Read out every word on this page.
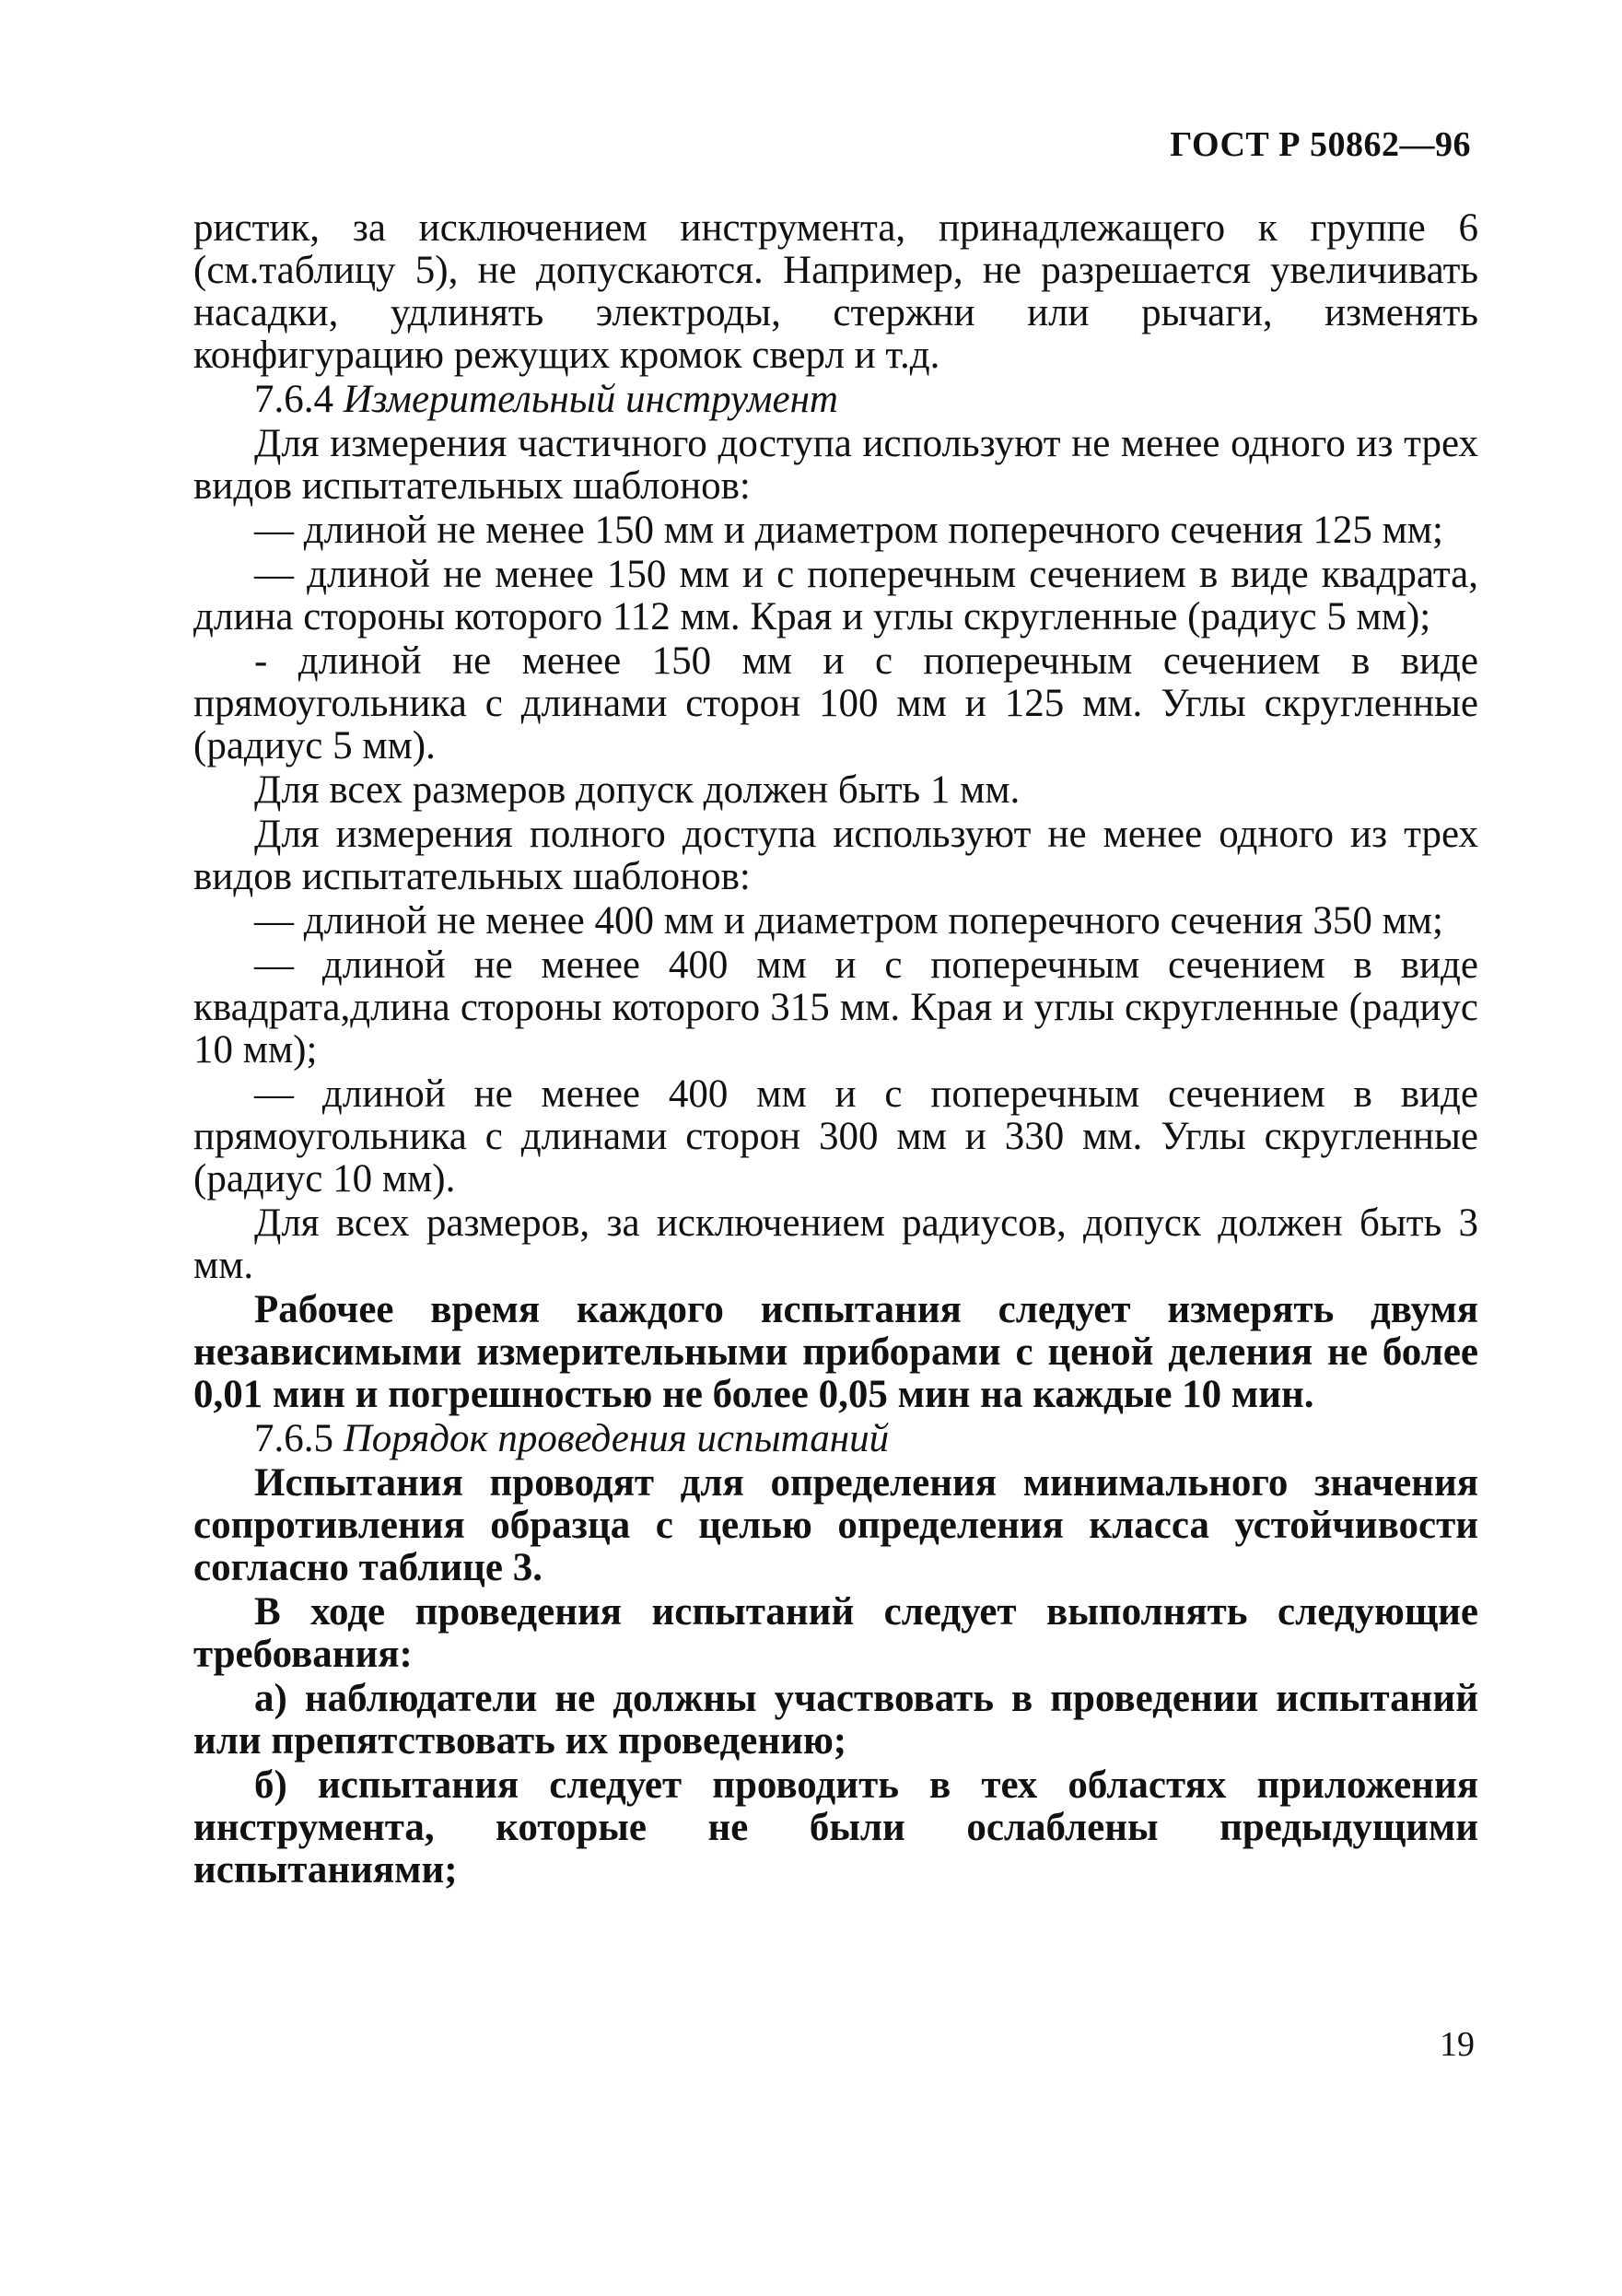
ГОСТ Р 50862—96

ристик, за исключением инструмента, принадлежащего к группе 6 (см.таблицу 5), не допускаются. Например, не разрешается увеличивать насадки, удлинять электроды, стержни или рычаги, изменять конфигурацию режущих кромок сверл и т.д.

7.6.4 Измерительный инструмент

Для измерения частичного доступа используют не менее одного из трех видов испытательных шаблонов:

— длиной не менее 150 мм и диаметром поперечного сечения 125 мм;

— длиной не менее 150 мм и с поперечным сечением в виде квадрата, длина стороны которого 112 мм. Края и углы скругленные (радиус 5 мм);

- длиной не менее 150 мм и с поперечным сечением в виде прямоугольника с длинами сторон 100 мм и 125 мм. Углы скругленные (радиус 5 мм).

Для всех размеров допуск должен быть 1 мм.

Для измерения полного доступа используют не менее одного из трех видов испытательных шаблонов:

— длиной не менее 400 мм и диаметром поперечного сечения 350 мм;

— длиной не менее 400 мм и с поперечным сечением в виде квадрата,длина стороны которого 315 мм. Края и углы скругленные (радиус 10 мм);

— длиной не менее 400 мм и с поперечным сечением в виде прямоугольника с длинами сторон 300 мм и 330 мм. Углы скругленные (радиус 10 мм).

Для всех размеров, за исключением радиусов, допуск должен быть 3 мм.

Рабочее время каждого испытания следует измерять двумя независимыми измерительными приборами с ценой деления не более 0,01 мин и погрешностью не более 0,05 мин на каждые 10 мин.

7.6.5 Порядок проведения испытаний

Испытания проводят для определения минимального значения сопротивления образца с целью определения класса устойчивости согласно таблице 3.

В ходе проведения испытаний следует выполнять следующие требования:

а) наблюдатели не должны участвовать в проведении испытаний или препятствовать их проведению;

б) испытания следует проводить в тех областях приложения инструмента, которые не были ослаблены предыдущими испытаниями;

19
